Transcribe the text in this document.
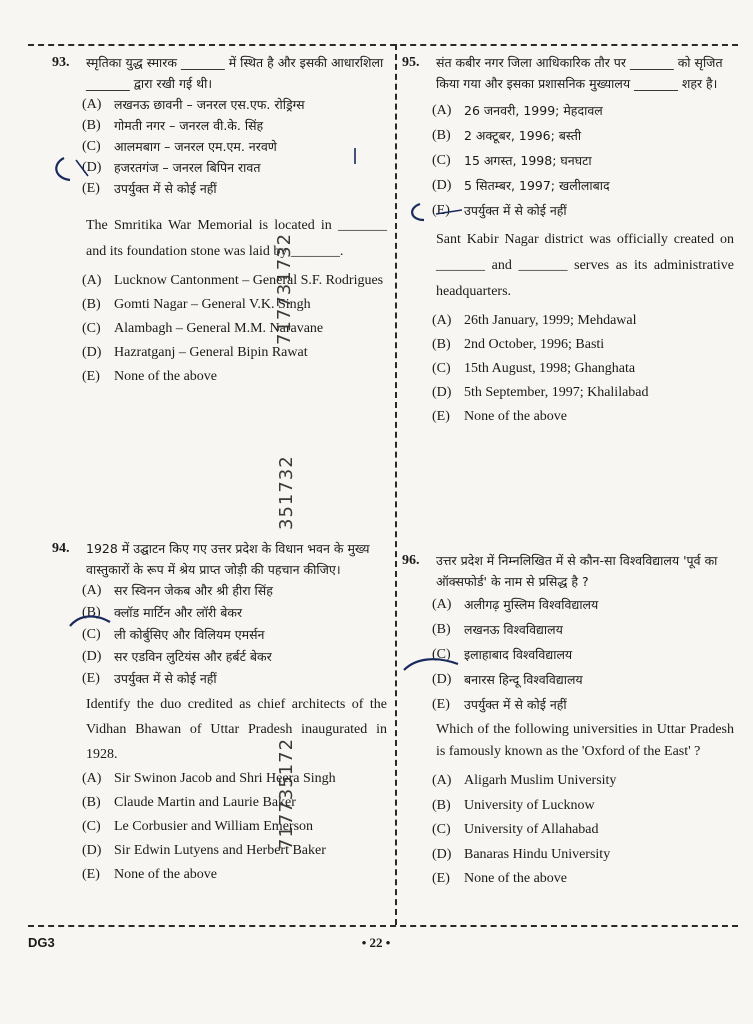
93.	स्मृतिका युद्ध स्मारक _______ में स्थित है और इसकी आधारशिला _______ द्वारा रखी गई थी।
(A)	लखनऊ छावनी – जनरल एस.एफ. रोड्रिग्स
(B)	गोमती नगर – जनरल वी.के. सिंह
(C)	आलमबाग – जनरल एम.एम. नरवणे
(D)	हजरतगंज – जनरल बिपिन रावत
(E)	उपर्युक्त में से कोई नहीं
The Smritika War Memorial is located in _______ and its foundation stone was laid by _______.
(A) Lucknow Cantonment – General S.F. Rodrigues
(B) Gomti Nagar – General V.K. Singh
(C) Alambagh – General M.M. Naravane
(D) Hazratganj – General Bipin Rawat
(E)	None of the above
95.	संत कबीर नगर जिला आधिकारिक तौर पर _______ को सृजित किया गया और इसका प्रशासनिक मुख्यालय _______ शहर है।
(A)	26 जनवरी, 1999; मेहदावल
(B)	2 अक्टूबर, 1996; बस्ती
(C)	15 अगस्त, 1998; घनघटा
(D)	5 सितम्बर, 1997; खलीलाबाद
(E)	उपर्युक्त में से कोई नहीं
Sant Kabir Nagar district was officially created on _______ and _______ serves as its administrative headquarters.
(A) 26th January, 1999; Mehdawal
(B) 2nd October, 1996; Basti
(C) 15th August, 1998; Ghanghata
(D) 5th September, 1997; Khalilabad
(E)	None of the above
94.	1928 में उद्घाटन किए गए उत्तर प्रदेश के विधान भवन के मुख्य वास्तुकारों के रूप में श्रेय प्राप्त जोड़ी की पहचान कीजिए।
(A)	सर स्विनन जेकब और श्री हीरा सिंह
(B)	क्लॉड मार्टिन और लॉरी बेकर
(C)	ली कोर्बुसिए और विलियम एमर्सन
(D)	सर एडविन लुटियंस और हर्बर्ट बेकर
(E)	उपर्युक्त में से कोई नहीं
Identify the duo credited as chief architects of the Vidhan Bhawan of Uttar Pradesh inaugurated in 1928.
(A) Sir Swinon Jacob and Shri Heera Singh
(B) Claude Martin and Laurie Baker
(C) Le Corbusier and William Emerson
(D) Sir Edwin Lutyens and Herbert Baker
(E)	None of the above
96.	उत्तर प्रदेश में निम्नलिखित में से कौन-सा विश्वविद्यालय 'पूर्व का ऑक्सफोर्ड' के नाम से प्रसिद्ध है ?
(A)	अलीगढ़ मुस्लिम विश्वविद्यालय
(B)	लखनऊ विश्वविद्यालय
(C)	इलाहाबाद विश्वविद्यालय
(D)	बनारस हिन्दू विश्वविद्यालय
(E)	उपर्युक्त में से कोई नहीं
Which of the following universities in Uttar Pradesh is famously known as the 'Oxford of the East' ?
(A) Aligarh Muslim University
(B) University of Lucknow
(C) University of Allahabad
(D) Banaras Hindu University
(E)	None of the above
717731732
351732
717735172
DG3	• 22 •
